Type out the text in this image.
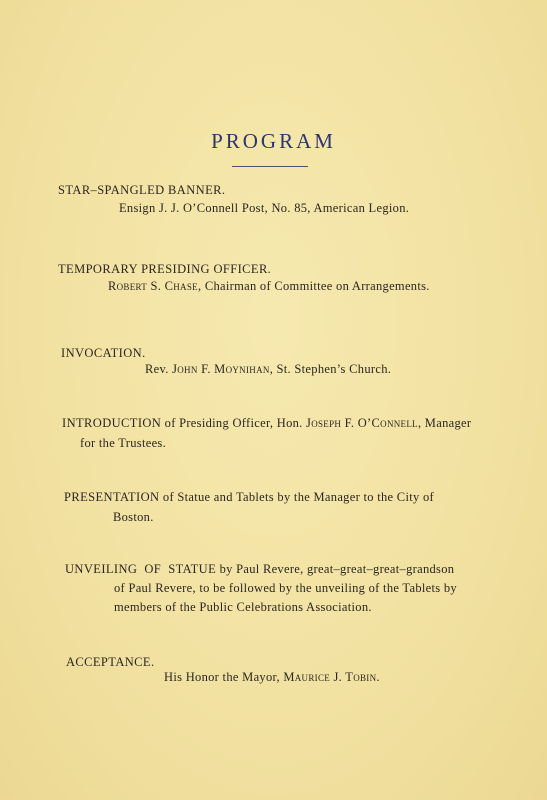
PROGRAM

STAR–SPANGLED BANNER.

Ensign J. J. O’Connell Post, No. 85, American Legion.

TEMPORARY PRESIDING OFFICER.

Robert S. Chase, Chairman of Committee on Arrangements.

INVOCATION.

Rev. John F. Moynihan, St. Stephen’s Church.

INTRODUCTION of Presiding Officer, Hon. Joseph F. O’Connell, Manager

for the Trustees.

PRESENTATION of Statue and Tablets by the Manager to the City of

Boston.

UNVEILING  OF  STATUE by Paul Revere, great–great–great–grandson

of Paul Revere, to be followed by the unveiling of the Tablets by

members of the Public Celebrations Association.

ACCEPTANCE.

His Honor the Mayor, Maurice J. Tobin.
